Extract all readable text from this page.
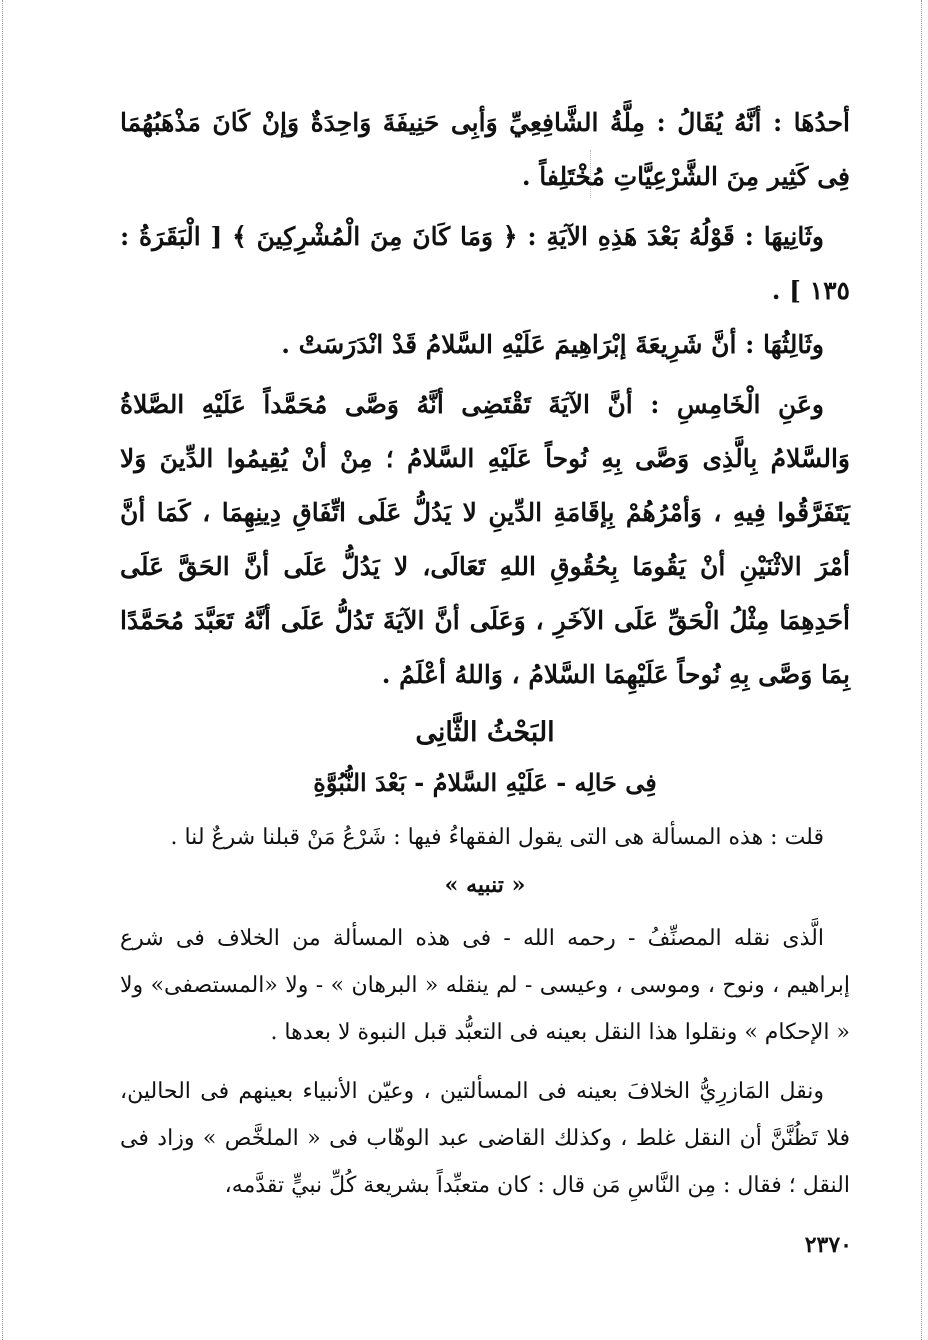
أحدُهَا : أنَّهُ يُقَالُ : مِلَّةُ الشَّافِعِيِّ وَأبِى حَنِيفَةَ وَاحِدَةٌ وَإنْ كَانَ مَذْهَبُهُمَا فِى كَثِير مِنَ الشَّرْعِيَّاتِ مُخْتَلِفاً .

وثَانِيهَا : قَوْلُهُ بَعْدَ هَذِهِ الآيَةِ : ﴿ وَمَا كَانَ مِنَ الْمُشْرِكِينَ ﴾ [ الْبَقَرَةُ : ١٣٥ ] .

وثَالِثُهَا : أنَّ شَرِيعَةَ إبْرَاهِيمَ عَلَيْهِ السَّلامُ قَدْ انْدَرَسَتْ .

وعَنِ الْخَامِسِ : أنَّ الآيَةَ تَقْتَضِى أنَّهُ وَصَّى مُحَمَّداً عَلَيْهِ الصَّلاةُ وَالسَّلامُ بِالَّذِى وَصَّى بِهِ نُوحاً عَلَيْهِ السَّلامُ ؛ مِنْ أنْ يُقِيمُوا الدِّينَ وَلا يَتَفَرَّقُوا فِيهِ ، وَأمْرُهُمْ بِإقَامَةِ الدِّينِ لا يَدُلُّ عَلَى اتِّفَاقِ دِينِهِمَا ، كَمَا أنَّ أمْرَ الاثْنَيْنِ أنْ يَقُومَا بِحُقُوقِ اللهِ تَعَالَى، لا يَدُلُّ عَلَى أنَّ الحَقَّ عَلَى أحَدِهِمَا مِثْلُ الْحَقِّ عَلَى الآخَرِ ، وَعَلَى أنَّ الآيَةَ تَدُلُّ عَلَى أنَّهُ تَعَبَّدَ مُحَمَّدًا بِمَا وَصَّى بِهِ نُوحاً عَلَيْهِمَا السَّلامُ ، وَاللهُ أعْلَمُ .

البَحْثُ الثَّانِى
فِى حَالِه - عَلَيْهِ السَّلامُ - بَعْدَ النُّبُوَّةِ

قلت : هذه المسألة هى التى يقول الفقهاءُ فيها : شَرْعُ مَنْ قبلنا شرعٌ لنا .

« تنبيه »

الَّذى نقله المصنِّفُ - رحمه الله - فى هذه المسألة من الخلاف فى شرع إبراهيم ، ونوح ، وموسى ، وعيسى - لم ينقله « البرهان » - ولا «المستصفى» ولا « الإحكام » ونقلوا هذا النقل بعينه فى التعبُّد قبل النبوة لا بعدها .

ونقل المَازرِيُّ الخلافَ بعينه فى المسألتين ، وعيّن الأنبياء بعينهم فى الحالين، فلا تَظُنَّنَّ أن النقل غلط ، وكذلك القاضى عبد الوهّاب فى « الملخَّص » وزاد فى النقل ؛ فقال : مِن النَّاسِ مَن قال : كان متعبِّداً بشريعة كُلِّ نبيٍّ تقدَّمه،

٢٣٧٠
